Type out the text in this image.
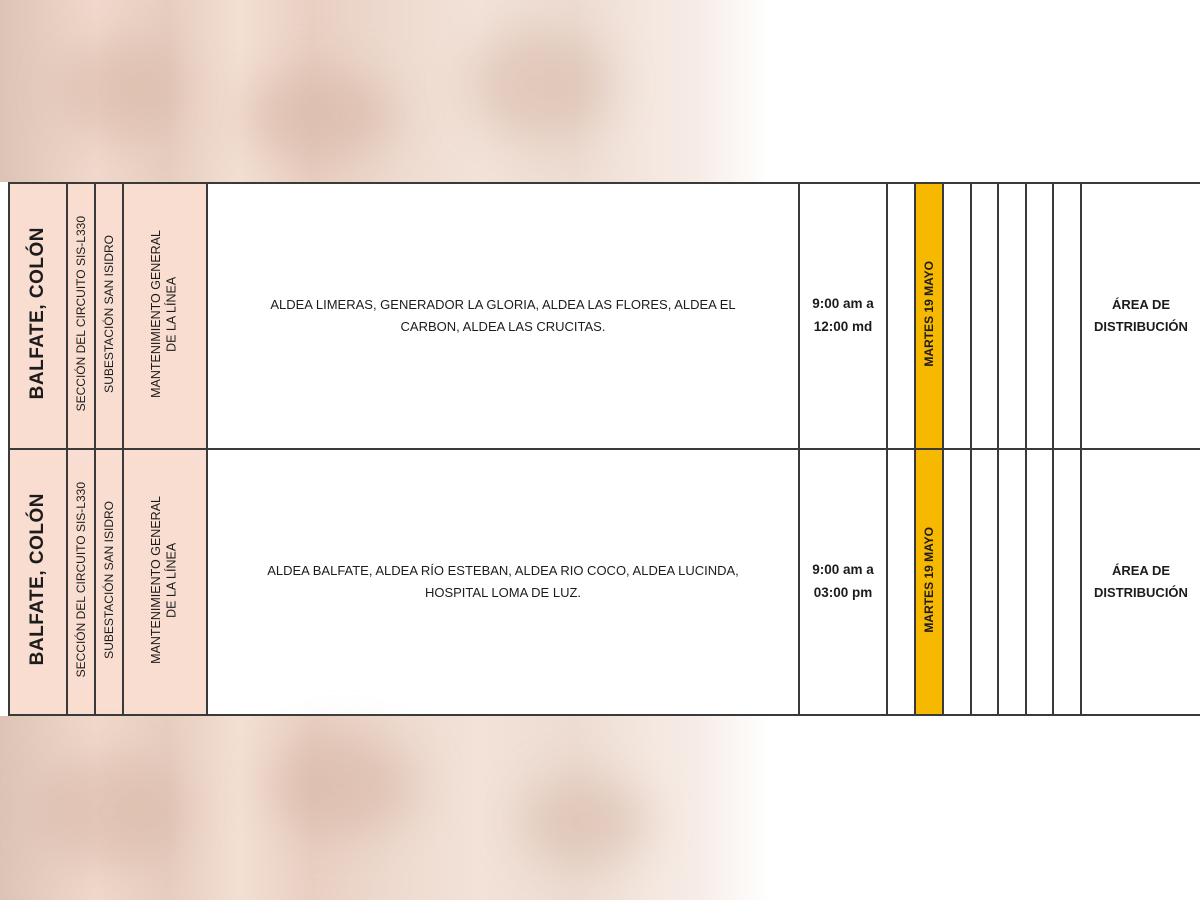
BALFATE, COLÓN	SECCIÓN DEL CIRCUITO SIS-L330	SUBESTACIÓN SAN ISIDRO	MANTENIMIENTO GENERAL DE LA LÍNEA	ALDEA LIMERAS, GENERADOR LA GLORIA, ALDEA LAS FLORES, ALDEA EL
CARBON, ALDEA LAS CRUCITAS.	9:00 am a
12:00 md		MARTES 19 MAYO						ÁREA DE
DISTRIBUCIÓN

BALFATE, COLÓN	SECCIÓN DEL CIRCUITO SIS-L330	SUBESTACIÓN SAN ISIDRO	MANTENIMIENTO GENERAL DE LA LÍNEA	ALDEA BALFATE, ALDEA RÍO ESTEBAN, ALDEA RIO COCO, ALDEA LUCINDA,
HOSPITAL LOMA DE LUZ.	9:00 am a
03:00 pm		MARTES 19 MAYO						ÁREA DE
DISTRIBUCIÓN
